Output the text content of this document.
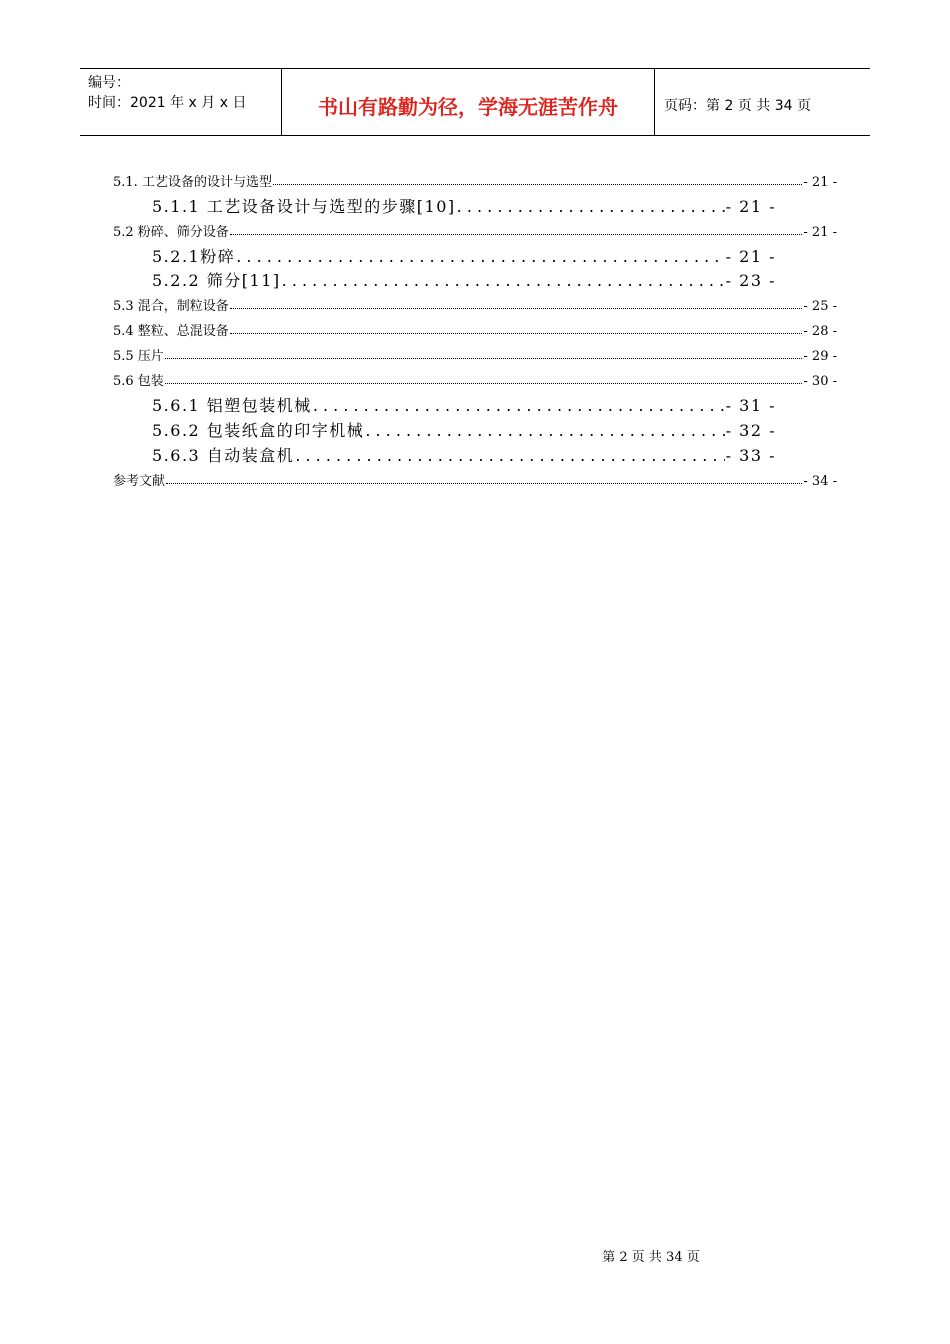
编号：
时间：2021 年 x 月 x 日	书山有路勤为径，学海无涯苦作舟	页码：第 2 页 共 34 页
5.1. 工艺设备的设计与选型	- 21 -
5.1.1 工艺设备设计与选型的步骤[10] . . .	- 21 -
5.2 粉碎、筛分设备	- 21 -
5.2.1粉碎 . . .	- 21 -
5.2.2 筛分[11] . . .	- 23 -
5.3 混合，制粒设备	- 25 -
5.4 整粒、总混设备	- 28 -
5.5 压片	- 29 -
5.6 包装	- 30 -
5.6.1 铝塑包装机械 . . .	- 31 -
5.6.2 包装纸盒的印字机械 . . .	- 32 -
5.6.3 自动装盒机 . . .	- 33 -
参考文献	- 34 -
第 2 页 共 34 页
